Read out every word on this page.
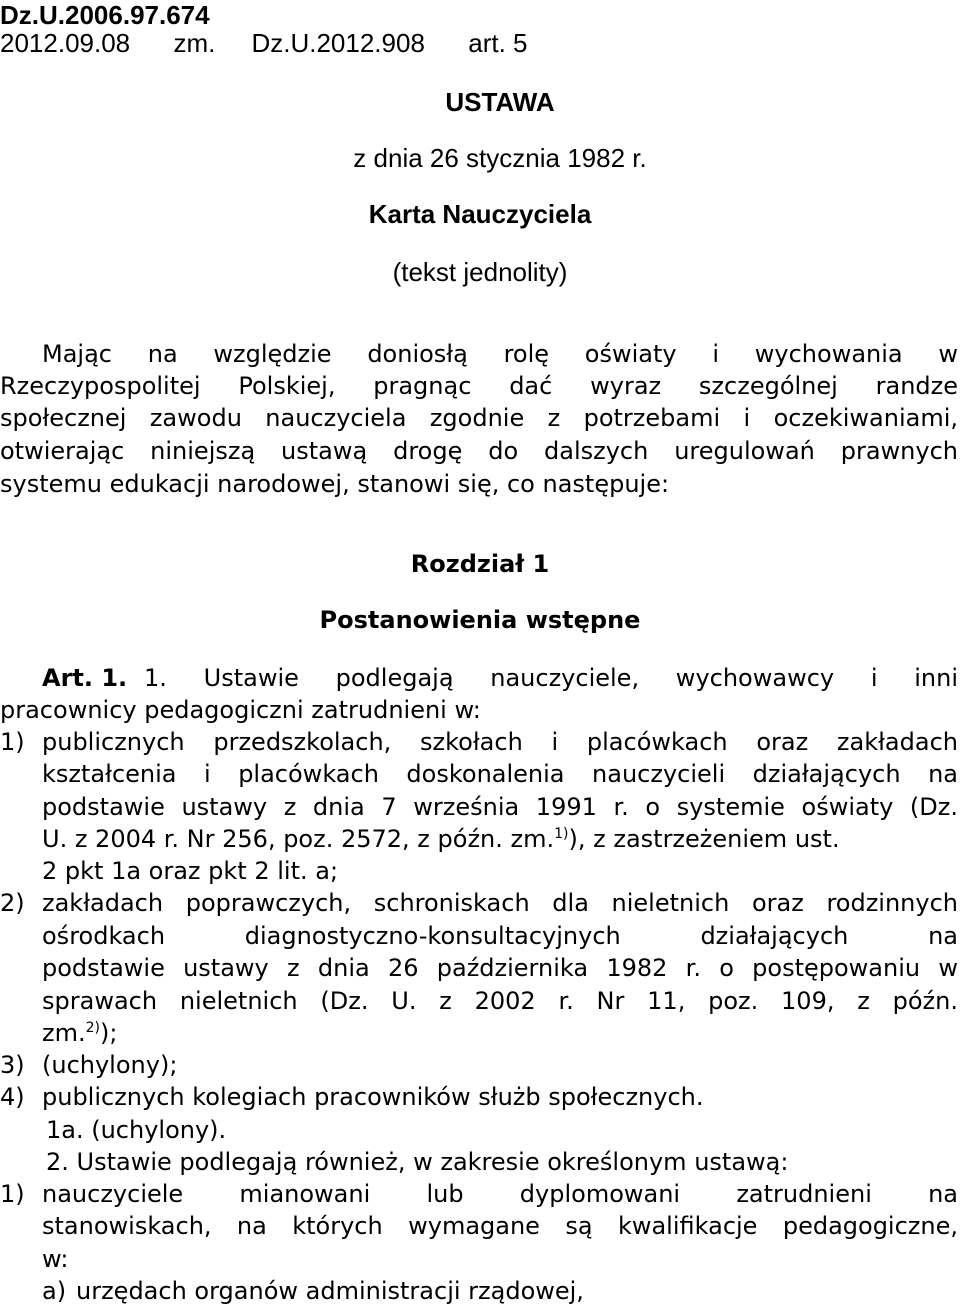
Dz.U.2006.97.674
2012.09.08      zm.     Dz.U.2012.908      art. 5
USTAWA
z dnia 26 stycznia 1982 r.
Karta Nauczyciela
(tekst jednolity)
Mając na względzie doniosłą rolę oświaty i wychowania w
Rzeczypospolitej Polskiej, pragnąc dać wyraz szczególnej randze
społecznej zawodu nauczyciela zgodnie z potrzebami i oczekiwaniami,
otwierając niniejszą ustawą drogę do dalszych uregulowań prawnych
systemu edukacji narodowej, stanowi się, co następuje:
Rozdział 1
Postanowienia wstępne
Art. 1. 1. Ustawie podlegają nauczyciele, wychowawcy i inni
pracownicy pedagogiczni zatrudnieni w:
1) publicznych przedszkolach, szkołach i placówkach oraz zakładach
kształcenia i placówkach doskonalenia nauczycieli działających na
podstawie ustawy z dnia 7 września 1991 r. o systemie oświaty (Dz.
U. z 2004 r. Nr 256, poz. 2572, z późn. zm.$^{1)}$), z zastrzeżeniem ust.
2 pkt 1a oraz pkt 2 lit. a;
2) zakładach poprawczych, schroniskach dla nieletnich oraz rodzinnych
ośrodkach diagnostyczno-konsultacyjnych działających na
podstawie ustawy z dnia 26 października 1982 r. o postępowaniu w
sprawach nieletnich (Dz. U. z 2002 r. Nr 11, poz. 109, z późn.
zm.$^{2)}$);
3) (uchylony);
4) publicznych kolegiach pracowników służb społecznych.
1a. (uchylony).
2. Ustawie podlegają również, w zakresie określonym ustawą:
1) nauczyciele mianowani lub dyplomowani zatrudnieni na
stanowiskach, na których wymagane są kwalifikacje pedagogiczne,
w:
a) urzędach organów administracji rządowej,
